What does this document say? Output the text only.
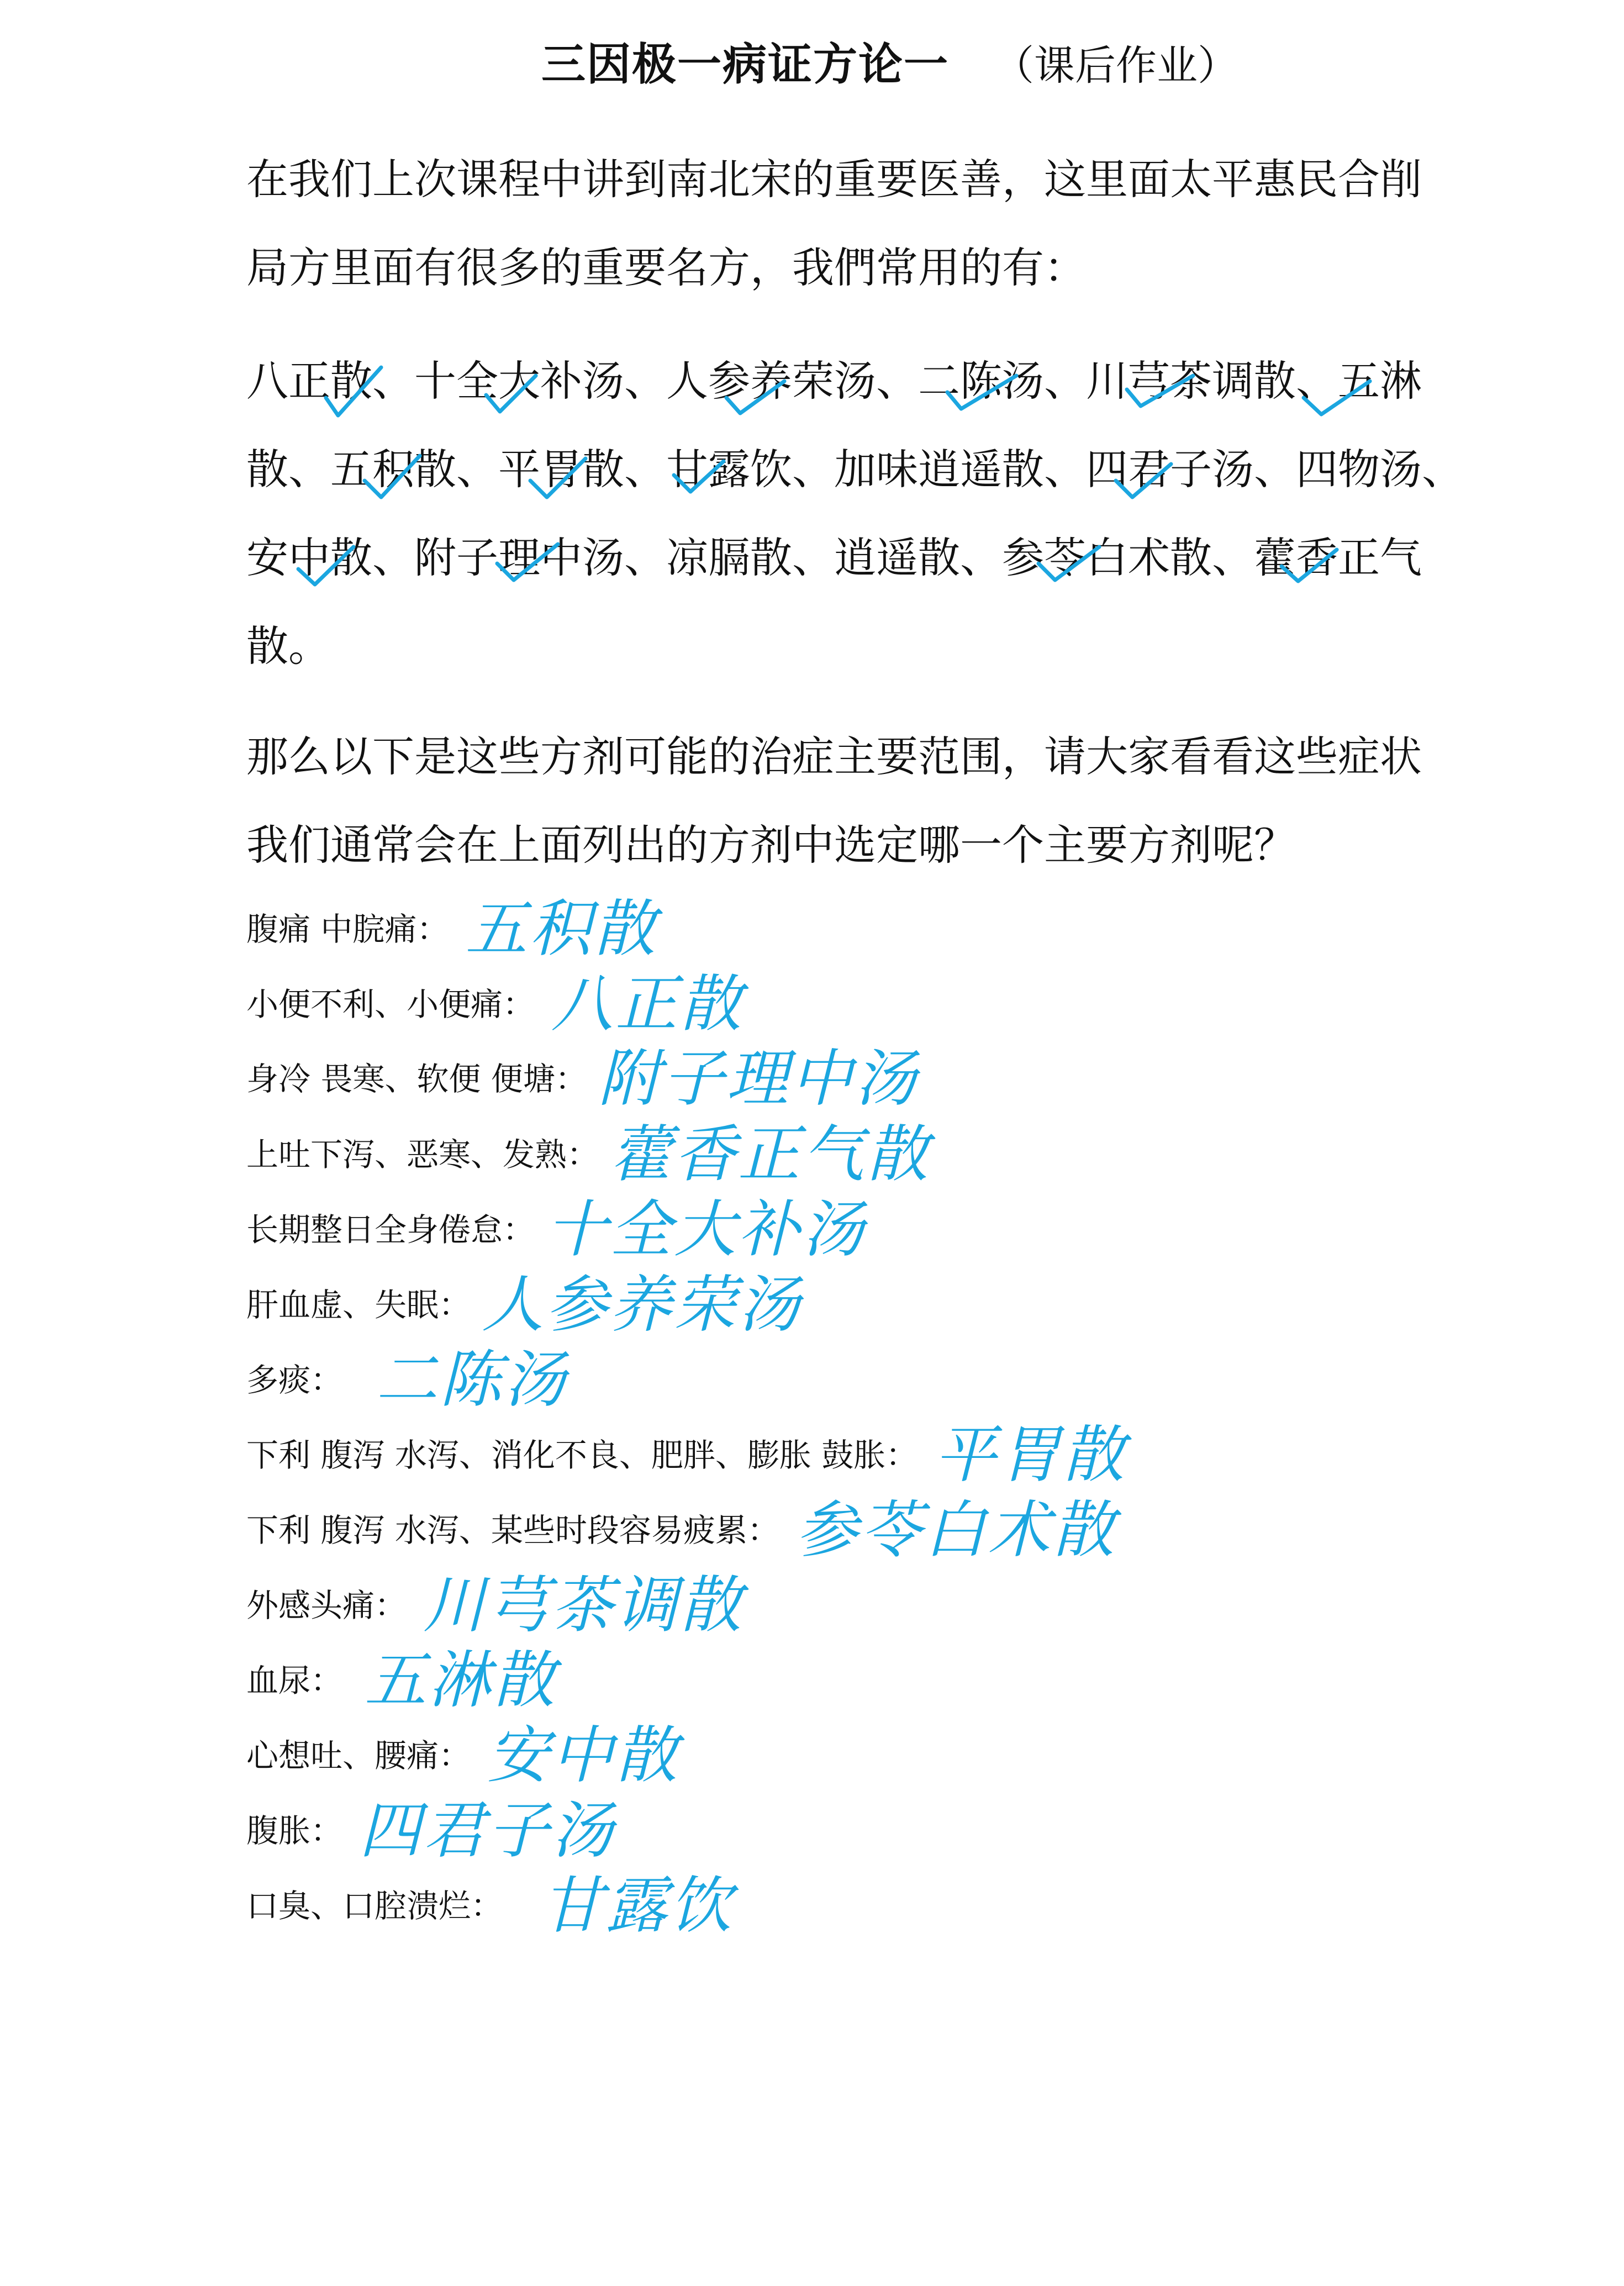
三因极一病证方论一 （课后作业）
在我们上次课程中讲到南北宋的重要医善，这里面太平惠民合削
局方里面有很多的重要名方，我們常用的有：
八正散、十全大补汤、人参养荣汤、二陈汤、川芎茶调散、五淋
散、五积散、平胃散、甘露饮、加味逍遥散、四君子汤、四物汤、
安中散、附子理中汤、凉膈散、逍遥散、参苓白术散、藿香正气
散。
那么以下是这些方剂可能的治症主要范围，请大家看看这些症状
我们通常会在上面列出的方剂中选定哪一个主要方剂呢？
腹痛 中脘痛： 五积散
小便不利、小便痛： 八正散
身冷 畏寒、软便 便塘： 附子理中汤
上吐下泻、恶寒、发熟： 藿香正气散
长期整日全身倦怠： 十全大补汤
肝血虚、失眠： 人参养荣汤
多痰： 二陈汤
下利 腹泻 水泻、消化不良、肥胖、膨胀 鼓胀： 平胃散
下利 腹泻 水泻、某些时段容易疲累： 参苓白术散
外感头痛： 川芎茶调散
血尿： 五淋散
心想吐、腰痛： 安中散
腹胀： 四君子汤
口臭、口腔溃烂： 甘露饮
